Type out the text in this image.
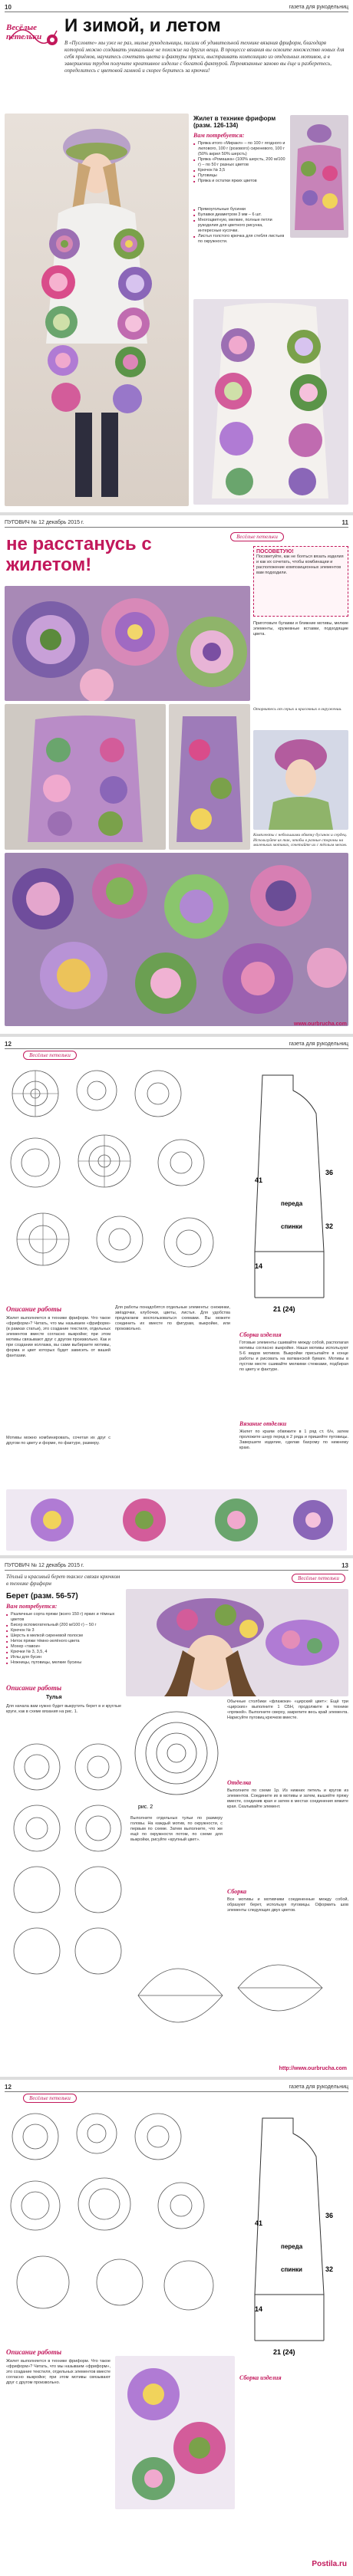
10	газета для рукодельниц
Весёлые петельки
И зимой, и летом
В «Пусловте» мы уже не раз, милые рукодельницы, писали об удивительной технике вязания фриформ, благодаря которой можно создавать уникальные не похожие на других вещи. В процессе вязания вы освоите множество новых для себя приёмов, научитесь сочетать цвета и фактуры пряжи, выстраивать композицию из отдельных мотивов, а в завершении трудов получите креативное изделие с богатой фактурой. Перевязанные заново вы ёще и разберетесь, определитесь с цветовой гаммой и скорее беритесь за крючки!
Жилет в технике фриформ (разм. 126-134)
Вам потребуется:
■ Пряжа итого «Миракл» – по 100 г ягодного и лилового, 100 г (розового) сиреневого, 100 г (50% акрил 50% шерсть)
■ Пряжа «Ромашка» (100% шерсть, 200 м/100 г) – по 50 г разных цветов
■ Крючок № 3,5
■ Пуговицы
■ Пряжа и остатки ярких цветов
■ Прямоугольные бусинки
■ Булавки диаметром 3 мм – 6 шт.
■ Многоцветную, мелкие, полные петли рукоделия для цветного рисунка, интересные кусочки.
■ Листья толстого крючка для стебля листьев по окружности.
ПУГОВИЧ № 12 декабрь 2015 г.	11
Весёлые петельки
не расстанусь с жилетом!
ПОСОВЕТУЮ!
Посоветуйте, как не бояться вязать изделия и как их сочетать, чтобы комбинации и расположение композиционных элементов вам подходили.
Приготовьте булавки и ближние мотивы, мелкие элементы, кружевные вставки, подходящие цвета.
Оторвитесь от серых и красочных в окружении.
Комплекты с небольшими обвязку бусинок и сердец. Используйте их так, чтобы в разные стороны на маленьких мотивах, сочетайте их с тёплым мехом.
www.ourbrucha.com
12	газета для рукодельниц
Весёлые петельки
41
36
32
14
переда
спинки
21 (24)
Описание работы
Жилет выполняется в технике фриформ. Что такое «фриформ»? Читать, что мы называем «фриформ» (в рамках статьи), это создание текстиля, отдельных элементов вместе согласно выкройке; при этом мотивы связывают друг с другом произвольно. Как и при создании коллажа, вы сами выбираете мотивы, форма и цвет которых будет зависеть от вашей фантазии.
Мотивы можно комбинировать, сочетая их друг с другом по цвету и форме, по фактуре, размеру.
Для работы понадобятся отдельные элементы: снежинки, звёздочки, клубочки, цветы, листья. Для удобства предлагаем воспользоваться схемами. Вы можете соединить их вместе по фигурам, выкройке, или произвольно.
Сборка изделия
Готовые элементы сшивайте между собой, располагая мотивы согласно выкройке. Наши мотивы используют 5-6 видов мотивов. Выкройки присылайте в конце работы и рисовать на ватманской бумаге. Мотивы в пустом месте сшивайте мелкими стежками, подбирая по цвету и фактуре.
Вязание отделки
Жилет по краям обвяжите в 1 ряд ст. б/н, затем проложите шнур перед в 2 ряда и пришейте пуговицы. Завершите изделие, сделав бахрому по нижнему краю.
ПУГОВИЧ № 12 декабрь 2015 г.	13
Весёлые петельки
Тёплый и красивый берет также связан крючком в технике фриформ
Берет (разм. 56-57)
Вам потребуется:
■ Различные сорта пряжи (всего 150 г) ярких и тёмных цветов
■ Бисер вспомогательный (200 м/100 г) – 50 г
■ Крючок № 3
■ Шерсть в мелкой сиреневой полоске
■ Ниток пряжи тёмно-зелёного цвета
■ Мохер «тавои»
■ Крючки № 3, 3,5, 4
■ Иглы для бусин
■ Ножницы, пуговицы, мелкие бусины
Описание работы
Тулья
Для начала вам нужно будет выкрутить берет в и круглые круги, как в схеме вязания на рис. 1.
рис. 2
Выполните отдельных тульи по размеру головы. На каждый мотив, по окружности, с первым по схеме. Затем выполните, что же ещё по окружности потом, по схеме для выкройки, рисуйте «крупный цвет».
Обычные столбики «флажоки» «цирский цвет»: Ещё три «цирских» выполните 1 СБН, продолжите в технике «пряжей». Выполните сверху, закрепите весь край элемента. Нарисуйте пуговиц крючков вместе.
Отделка
Выполните по схеме 1р. Из нижних петель и кругов из элементов. Соедините их в мотивы и затем, вышейте пряжу вместе, соединив края и затем в местах соединения вяжите края. Скалывайте элемент.
Сборка
Все мотивы и мотивчики соединенные между собой, образуют берет, используя пуговицы. Оформить шов элементы следующих двух цветов.
http://www.ourbrucha.com
12	газета для рукодельниц
Весёлые петельки
41
36
32
14
переда
спинки
21 (24)
Описание работы
Жилет выполняется в технике фриформ. Что такое «фриформ»? Читать, что мы называем «фриформ», это создание текстиля, отдельных элементов вместе согласно выкройке; при этом мотивы связывают друг с другом произвольно.
Сборка изделия
Postila.ru
